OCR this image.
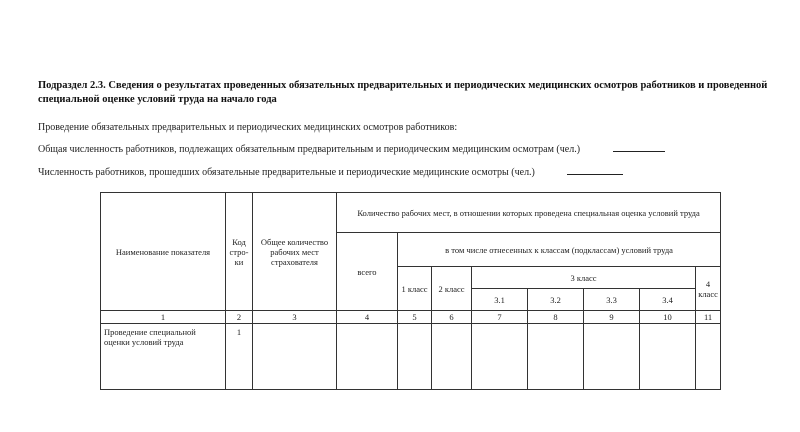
Подраздел 2.3. Сведения о результатах проведенных обязательных предварительных и периодических медицинских осмотров работников и проведенной специальной оценке условий труда на начало года
Проведение обязательных предварительных и периодических медицинских осмотров работников:
Общая численность работников, подлежащих обязательным предварительным и периодическим медицинским осмотрам (чел.)
Численность работников, прошедших обязательные предварительные и периодические медицинские осмотры (чел.)
Наименование показателя	Код стро-ки	Общее количество рабочих мест страхователя	Количество рабочих мест, в отношении которых проведена специальная оценка условий труда							
			всего	в том числе отнесенных к классам (подклассам) условий труда						
				1 класс	2 класс	3 класс				4 класс
						3.1	3.2	3.3	3.4	
1	2	3	4	5	6	7	8	9	10	11
Проведение специальной оценки условий труда	1									
